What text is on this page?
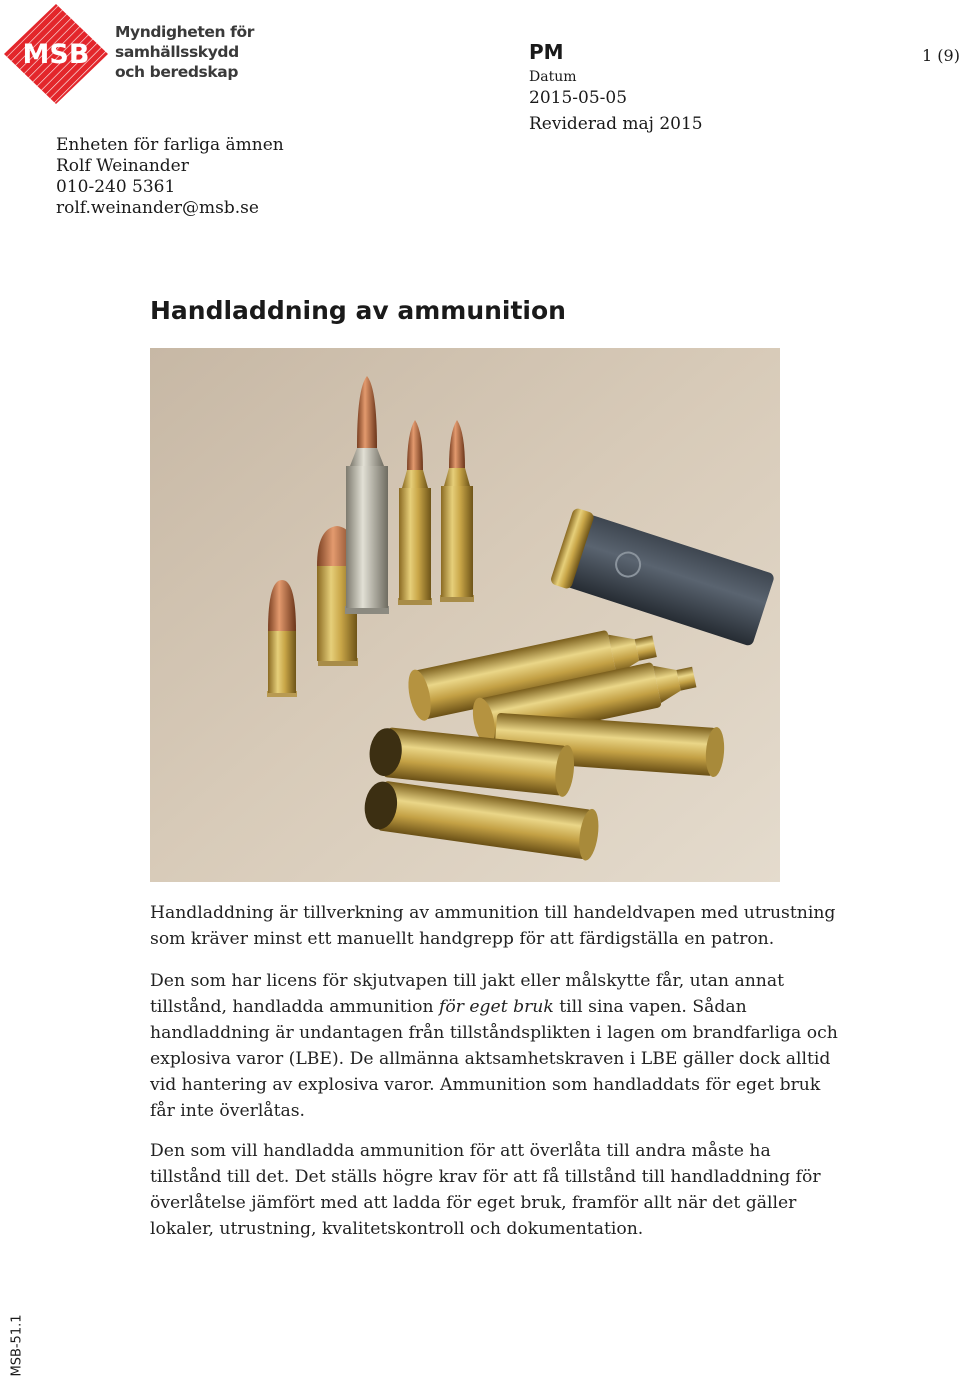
MSB
Myndigheten för
samhällsskydd
och beredskap
PM	1 (9)
Datum
2015-05-05
Reviderad maj 2015
Enheten för farliga ämnen
Rolf Weinander
010-240 5361
rolf.weinander@msb.se
Handladdning av ammunition

Handladdning är tillverkning av ammunition till handeldvapen med utrustning
som kräver minst ett manuellt handgrepp för att färdigställa en patron.

Den som har licens för skjutvapen till jakt eller målskytte får, utan annat
tillstånd, handladda ammunition för eget bruk till sina vapen. Sådan
handladdning är undantagen från tillståndsplikten i lagen om brandfarliga och
explosiva varor (LBE). De allmänna aktsamhetskraven i LBE gäller dock alltid
vid hantering av explosiva varor. Ammunition som handladdats för eget bruk
får inte överlåtas.

Den som vill handladda ammunition för att överlåta till andra måste ha
tillstånd till det. Det ställs högre krav för att få tillstånd till handladdning för
överlåtelse jämfört med att ladda för eget bruk, framför allt när det gäller
lokaler, utrustning, kvalitetskontroll och dokumentation.

MSB-51.1
